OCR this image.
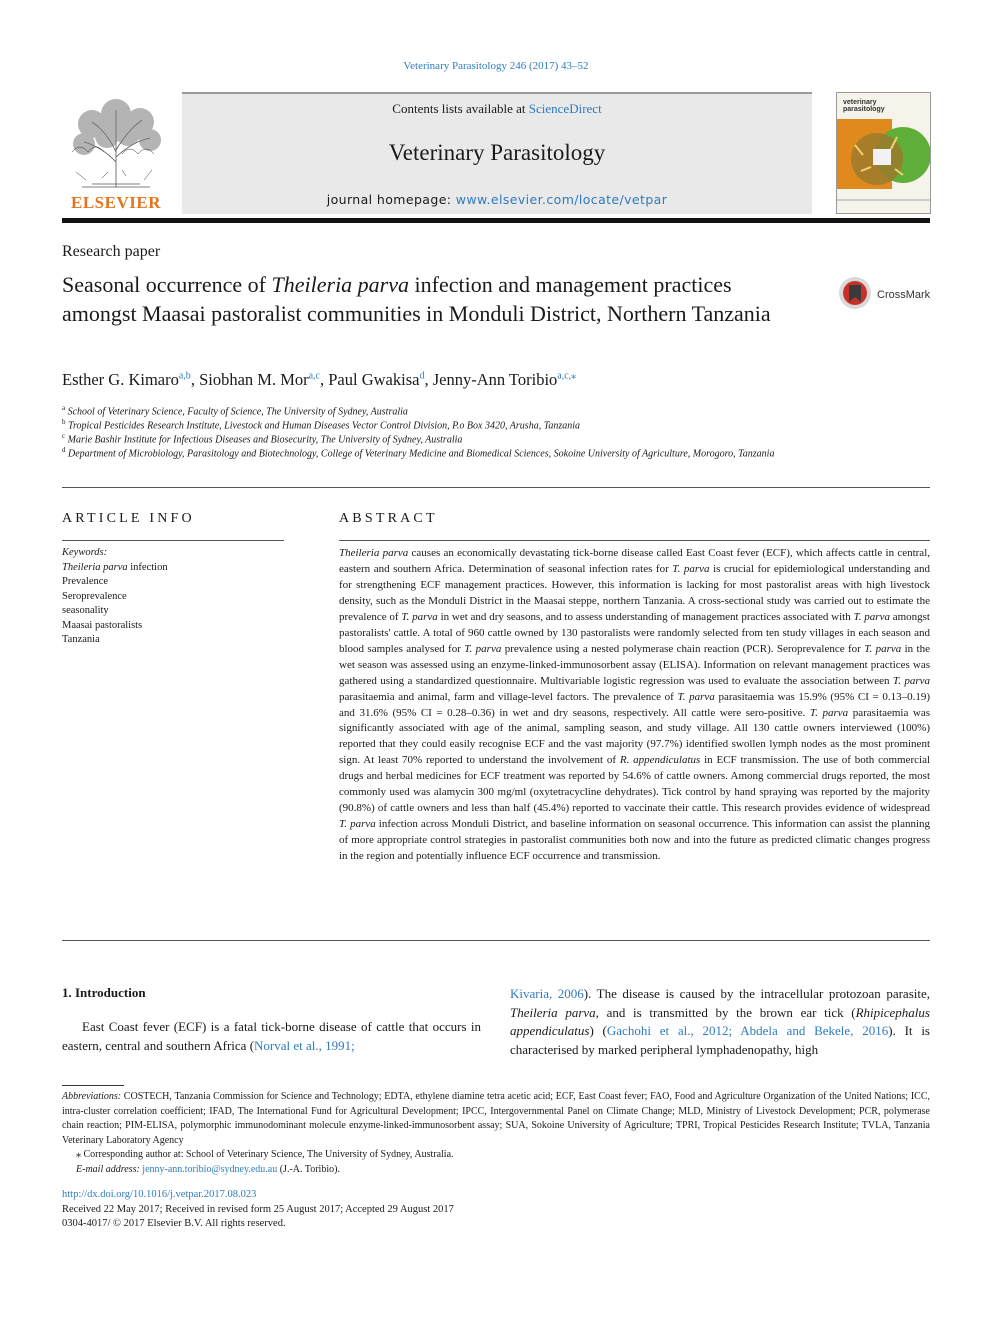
Veterinary Parasitology 246 (2017) 43–52
ELSEVIER
Contents lists available at ScienceDirect
Veterinary Parasitology
journal homepage: www.elsevier.com/locate/vetpar
veterinary
parasitology
Research paper
Seasonal occurrence of Theileria parva infection and management practices amongst Maasai pastoralist communities in Monduli District, Northern Tanzania
CrossMark
Esther G. Kimaro$^{a,b}$, Siobhan M. Mor$^{a,c}$, Paul Gwakisa$^d$, Jenny-Ann Toribio$^{a,c,⁎}$
$^a$ School of Veterinary Science, Faculty of Science, The University of Sydney, Australia
$^b$ Tropical Pesticides Research Institute, Livestock and Human Diseases Vector Control Division, P.o Box 3420, Arusha, Tanzania
$^c$ Marie Bashir Institute for Infectious Diseases and Biosecurity, The University of Sydney, Australia
$^d$ Department of Microbiology, Parasitology and Biotechnology, College of Veterinary Medicine and Biomedical Sciences, Sokoine University of Agriculture, Morogoro, Tanzania
ARTICLE INFO
Keywords:
Theileria parva infection
Prevalence
Seroprevalence
seasonality
Maasai pastoralists
Tanzania
ABSTRACT

Theileria parva causes an economically devastating tick-borne disease called East Coast fever (ECF), which affects cattle in central, eastern and southern Africa. Determination of seasonal infection rates for T. parva is crucial for epidemiological understanding and for strengthening ECF management practices. However, this information is lacking for most pastoralist areas with high livestock density, such as the Monduli District in the Maasai steppe, northern Tanzania. A cross-sectional study was carried out to estimate the prevalence of T. parva in wet and dry seasons, and to assess understanding of management practices associated with T. parva amongst pastoralists' cattle. A total of 960 cattle owned by 130 pastoralists were randomly selected from ten study villages in each season and blood samples analysed for T. parva prevalence using a nested polymerase chain reaction (PCR). Seroprevalence for T. parva in the wet season was assessed using an enzyme-linked-immunosorbent assay (ELISA). Information on relevant management practices was gathered using a standardized questionnaire. Multivariable logistic regression was used to evaluate the association between T. parva parasitaemia and animal, farm and village-level factors. The prevalence of T. parva parasitaemia was 15.9% (95% CI = 0.13–0.19) and 31.6% (95% CI = 0.28–0.36) in wet and dry seasons, respectively. All cattle were sero-positive. T. parva parasitaemia was significantly associated with age of the animal, sampling season, and study village. All 130 cattle owners interviewed (100%) reported that they could easily recognise ECF and the vast majority (97.7%) identified swollen lymph nodes as the most prominent sign. At least 70% reported to understand the involvement of R. appendiculatus in ECF transmission. The use of both commercial drugs and herbal medicines for ECF treatment was reported by 54.6% of cattle owners. Among commercial drugs reported, the most commonly used was alamycin 300 mg/ml (oxytetracycline dehydrates). Tick control by hand spraying was reported by the majority (90.8%) of cattle owners and less than half (45.4%) reported to vaccinate their cattle. This research provides evidence of widespread T. parva infection across Monduli District, and baseline information on seasonal occurrence. This information can assist the planning of more appropriate control strategies in pastoralist communities both now and into the future as predicted climatic changes progress in the region and potentially influence ECF occurrence and transmission.

1. Introduction
East Coast fever (ECF) is a fatal tick-borne disease of cattle that occurs in eastern, central and southern Africa (Norval et al., 1991;
Kivaria, 2006). The disease is caused by the intracellular protozoan parasite, Theileria parva, and is transmitted by the brown ear tick (Rhipicephalus appendiculatus) (Gachohi et al., 2012; Abdela and Bekele, 2016). It is characterised by marked peripheral lymphadenopathy, high

Abbreviations: COSTECH, Tanzania Commission for Science and Technology; EDTA, ethylene diamine tetra acetic acid; ECF, East Coast fever; FAO, Food and Agriculture Organization of the United Nations; ICC, intra-cluster correlation coefficient; IFAD, The International Fund for Agricultural Development; IPCC, Intergovernmental Panel on Climate Change; MLD, Ministry of Livestock Development; PCR, polymerase chain reaction; PIM-ELISA, polymorphic immunodominant molecule enzyme-linked-immunosorbent assay; SUA, Sokoine University of Agriculture; TPRI, Tropical Pesticides Research Institute; TVLA, Tanzania Veterinary Laboratory Agency

⁎ Corresponding author at: School of Veterinary Science, The University of Sydney, Australia.

E-mail address: jenny-ann.toribio@sydney.edu.au (J.-A. Toribio).

http://dx.doi.org/10.1016/j.vetpar.2017.08.023
Received 22 May 2017; Received in revised form 25 August 2017; Accepted 29 August 2017
0304-4017/ © 2017 Elsevier B.V. All rights reserved.
